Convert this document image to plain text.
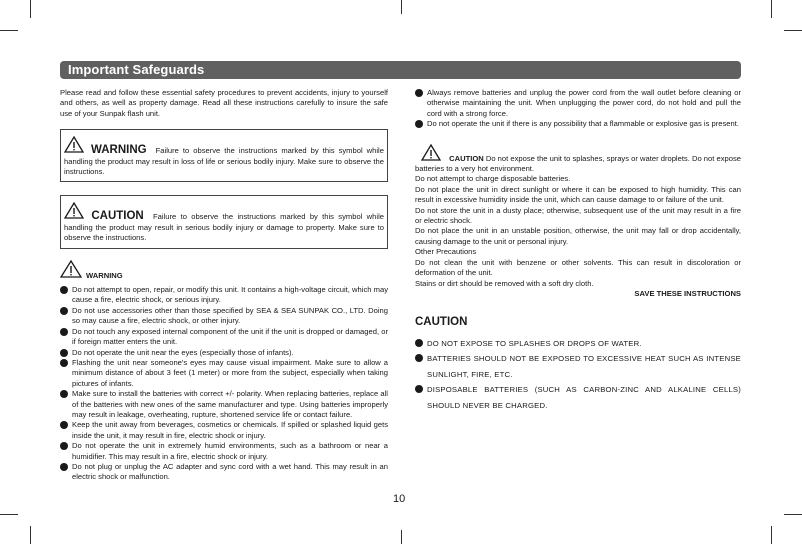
Important Safeguards

Please read and follow these essential safety procedures to prevent accidents, injury to yourself and others, as well as property damage. Read all these instructions carefully to insure the safe use of your Sunpak flash unit.

WARNING Failure to observe the instructions marked by this symbol while handling the product may result in loss of life or serious bodily injury. Make sure to observe the instructions.
CAUTION Failure to observe the instructions marked by this symbol while handling the product may result in serious bodily injury or damage to property. Make sure to observe the instructions.
WARNING
Do not attempt to open, repair, or modify this unit. It contains a high-voltage circuit, which may cause a fire, electric shock, or serious injury.
Do not use accessories other than those specified by SEA & SEA SUNPAK CO., LTD. Doing so may cause a fire, electric shock, or other injury.
Do not touch any exposed internal component of the unit if the unit is dropped or damaged, or if foreign matter enters the unit.
Do not operate the unit near the eyes (especially those of infants).
Flashing the unit near someone's eyes may cause visual impairment. Make sure to allow a minimum distance of about 3 feet (1 meter) or more from the subject, especially when taking pictures of infants.
Make sure to install the batteries with correct +/- polarity. When replacing batteries, replace all of the batteries with new ones of the same manufacturer and type. Using batteries improperly may result in leakage, overheating, rupture, shortened service life or contact failure.
Keep the unit away from beverages, cosmetics or chemicals. If spilled or splashed liquid gets inside the unit, it may result in fire, electric shock or injury.
Do not operate the unit in extremely humid environments, such as a bathroom or near a humidifier. This may result in a fire, electric shock or injury.
Do not plug or unplug the AC adapter and sync cord with a wet hand. This may result in an electric shock or malfunction.
Always remove batteries and unplug the power cord from the wall outlet before cleaning or otherwise maintaining the unit. When unplugging the power cord, do not hold and pull the cord with a strong force.
Do not operate the unit if there is any possibility that a flammable or explosive gas is present.

CAUTION Do not expose the unit to splashes, sprays or water droplets. Do not expose batteries to a very hot environment.

Do not attempt to charge disposable batteries.

Do not place the unit in direct sunlight or where it can be exposed to high humidity. This can result in excessive humidity inside the unit, which can cause damage to or failure of the unit.

Do not store the unit in a dusty place; otherwise, subsequent use of the unit may result in a fire or electric shock.

Do not place the unit in an unstable position, otherwise, the unit may fall or drop accidentally, causing damage to the unit or personal injury.

Other Precautions

Do not clean the unit with benzene or other solvents. This can result in discoloration or deformation of the unit.

Stains or dirt should be removed with a soft dry cloth.

SAVE THESE INSTRUCTIONS

CAUTION
DO NOT EXPOSE TO SPLASHES OR DROPS OF WATER.
BATTERIES SHOULD NOT BE EXPOSED TO EXCESSIVE HEAT SUCH AS INTENSE SUNLIGHT, FIRE, ETC.
DISPOSABLE BATTERIES (SUCH AS CARBON-ZINC AND ALKALINE CELLS) SHOULD NEVER BE CHARGED.
10
